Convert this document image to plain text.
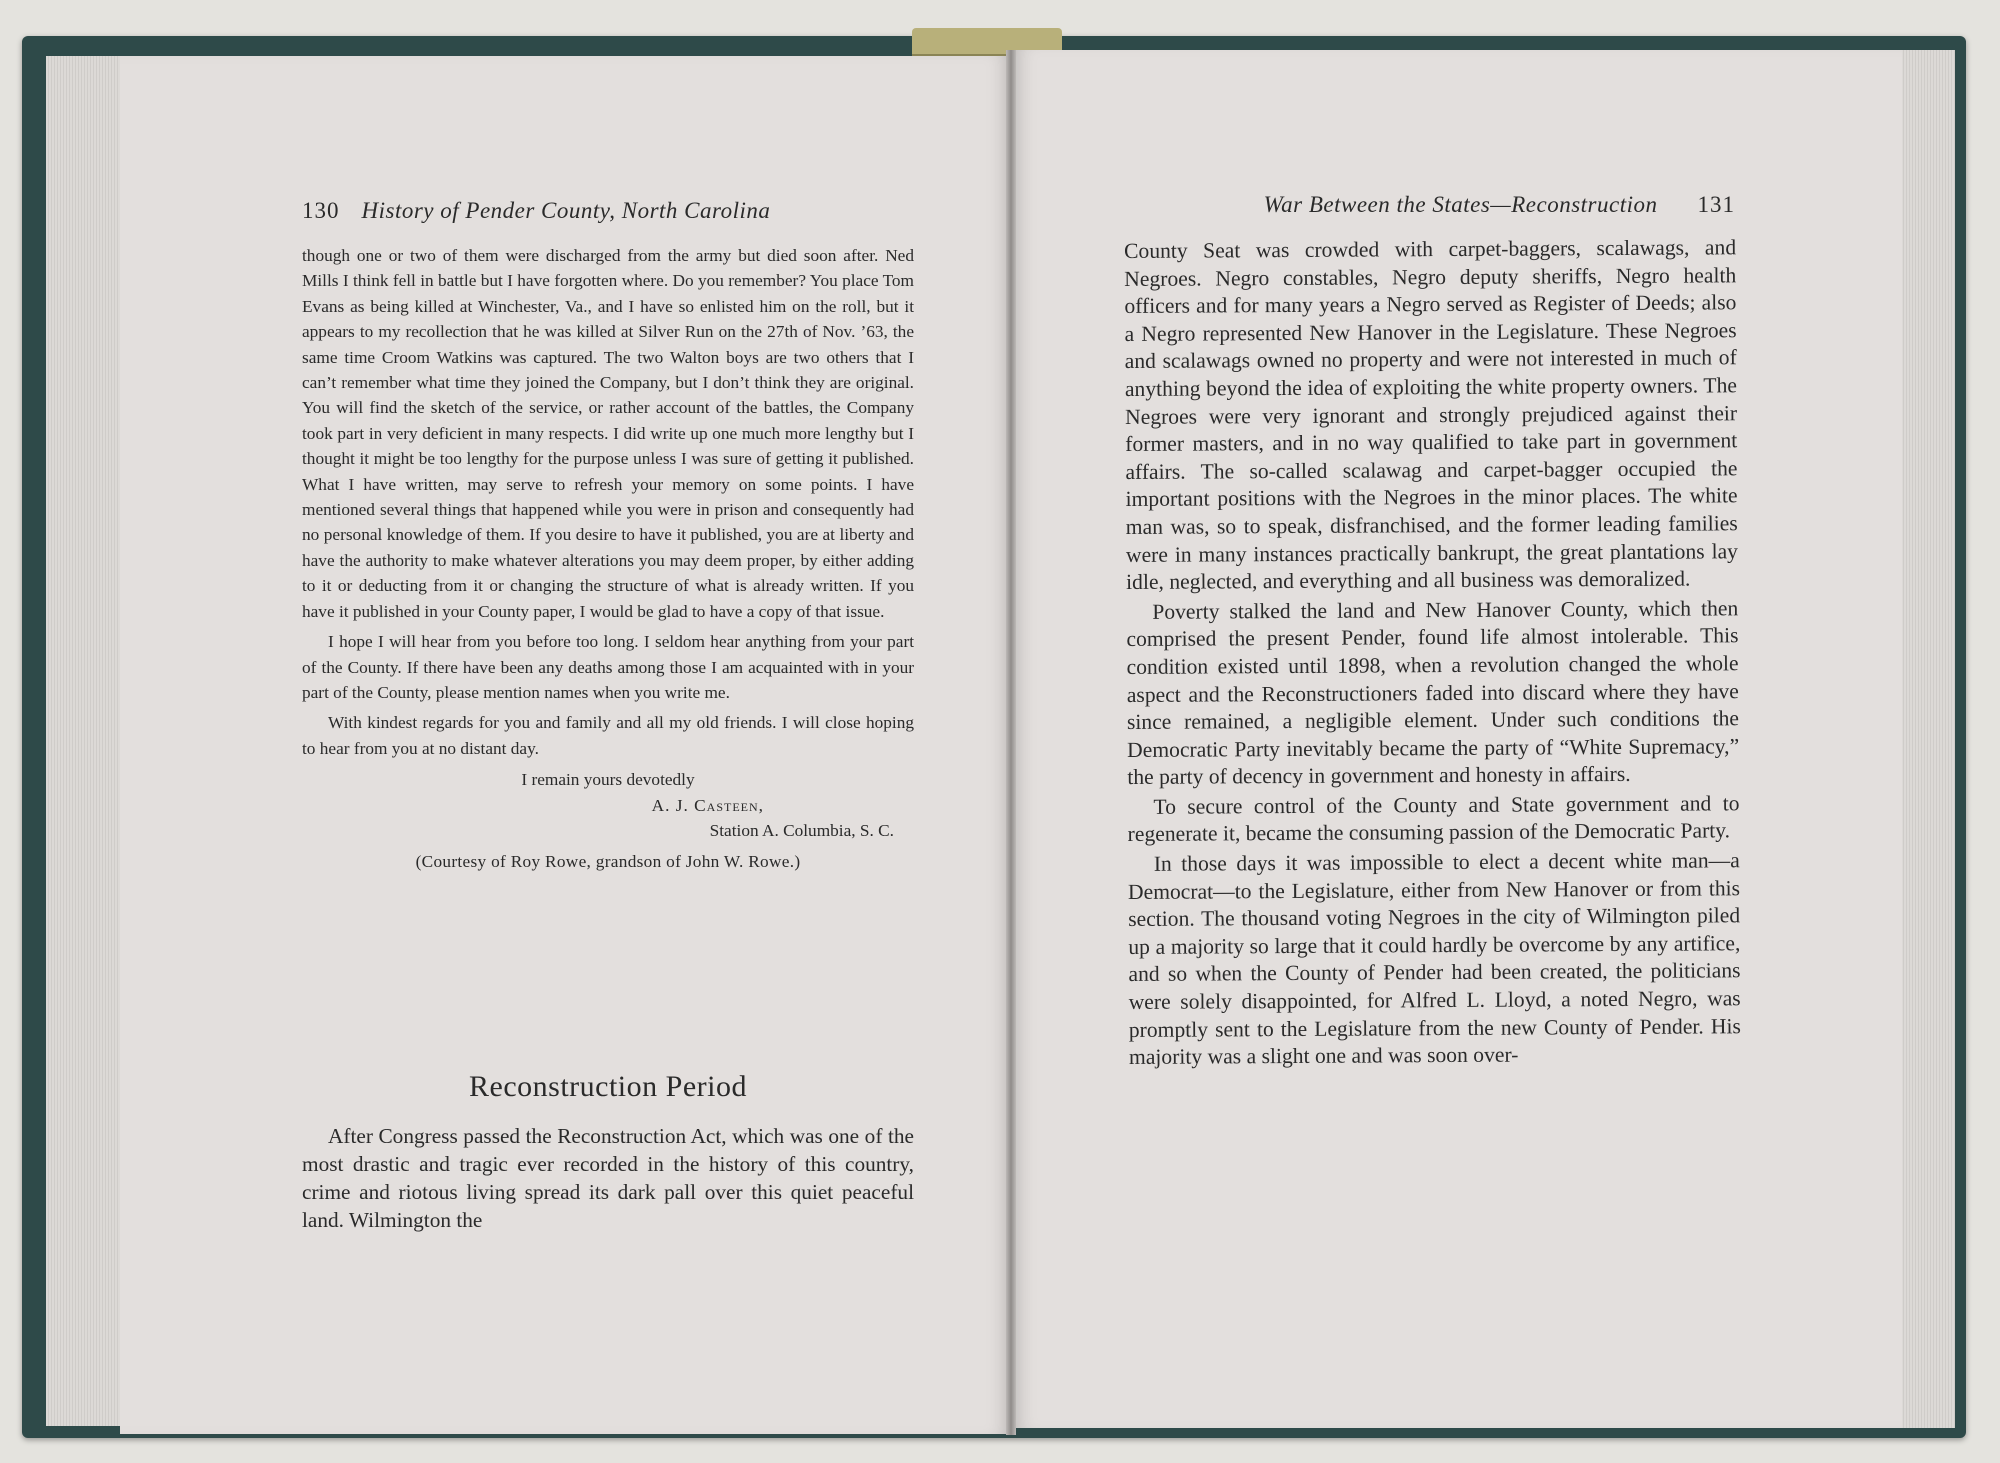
130 History of Pender County, North Carolina

though one or two of them were discharged from the army but died soon after. Ned Mills I think fell in battle but I have forgotten where. Do you remember? You place Tom Evans as being killed at Winchester, Va., and I have so enlisted him on the roll, but it appears to my recollection that he was killed at Silver Run on the 27th of Nov. ’63, the same time Croom Watkins was captured. The two Walton boys are two others that I can’t remember what time they joined the Company, but I don’t think they are original. You will find the sketch of the service, or rather account of the battles, the Company took part in very deficient in many respects. I did write up one much more lengthy but I thought it might be too lengthy for the purpose unless I was sure of getting it published. What I have written, may serve to refresh your memory on some points. I have mentioned several things that happened while you were in prison and consequently had no personal knowledge of them. If you desire to have it published, you are at liberty and have the authority to make whatever alterations you may deem proper, by either adding to it or deducting from it or changing the structure of what is already written. If you have it published in your County paper, I would be glad to have a copy of that issue.

I hope I will hear from you before too long. I seldom hear anything from your part of the County. If there have been any deaths among those I am acquainted with in your part of the County, please mention names when you write me.

With kindest regards for you and family and all my old friends. I will close hoping to hear from you at no distant day.

I remain yours devotedly
A. J. Casteen,
Station A. Columbia, S. C.
(Courtesy of Roy Rowe, grandson of John W. Rowe.)
Reconstruction Period

After Congress passed the Reconstruction Act, which was one of the most drastic and tragic ever recorded in the history of this country, crime and riotous living spread its dark pall over this quiet peaceful land. Wilmington the

War Between the States—Reconstruction 131

County Seat was crowded with carpet-baggers, scalawags, and Negroes. Negro constables, Negro deputy sheriffs, Negro health officers and for many years a Negro served as Register of Deeds; also a Negro represented New Hanover in the Legislature. These Negroes and scalawags owned no property and were not interested in much of anything beyond the idea of exploiting the white property owners. The Negroes were very ignorant and strongly prejudiced against their former masters, and in no way qualified to take part in government affairs. The so-called scalawag and carpet-bagger occupied the important positions with the Negroes in the minor places. The white man was, so to speak, disfranchised, and the former leading families were in many instances practically bankrupt, the great plantations lay idle, neglected, and everything and all business was demoralized.

Poverty stalked the land and New Hanover County, which then comprised the present Pender, found life almost intolerable. This condition existed until 1898, when a revolution changed the whole aspect and the Reconstructioners faded into discard where they have since remained, a negligible element. Under such conditions the Democratic Party inevitably became the party of “White Supremacy,” the party of decency in government and honesty in affairs.

To secure control of the County and State government and to regenerate it, became the consuming passion of the Democratic Party.

In those days it was impossible to elect a decent white man—a Democrat—to the Legislature, either from New Hanover or from this section. The thousand voting Negroes in the city of Wilmington piled up a majority so large that it could hardly be overcome by any artifice, and so when the County of Pender had been created, the politicians were solely disappointed, for Alfred L. Lloyd, a noted Negro, was promptly sent to the Legislature from the new County of Pender. His majority was a slight one and was soon over-
